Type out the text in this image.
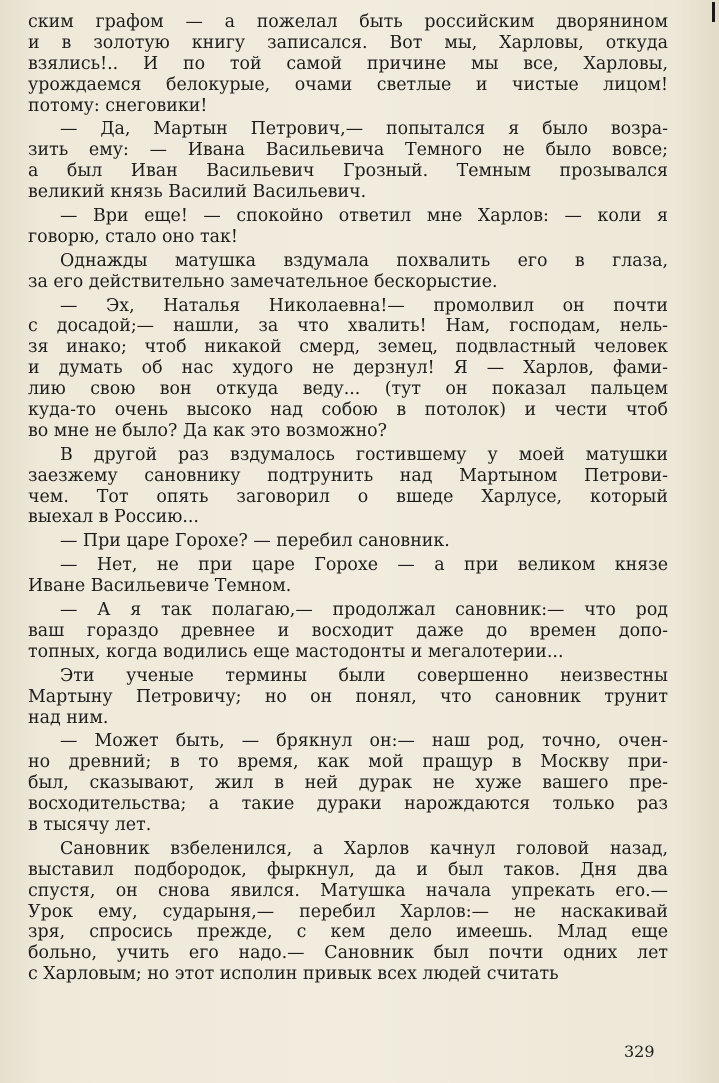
ским графом — а пожелал быть российским дворянином
и в золотую книгу записался. Вот мы, Харловы, откуда
взялись!.. И по той самой причине мы все, Харловы,
урождаемся белокурые, очами светлые и чистые лицом!
потому: снеговики!
— Да, Мартын Петрович,— попытался я было возра-
зить ему: — Ивана Васильевича Темного не было вовсе;
а был Иван Васильевич Грозный. Темным прозывался
великий князь Василий Васильевич.
— Ври еще! — спокойно ответил мне Харлов: — коли я
говорю, стало оно так!
Однажды матушка вздумала похвалить его в глаза,
за его действительно замечательное бескорыстие.
— Эх, Наталья Николаевна!— промолвил он почти
с досадой;— нашли, за что хвалить! Нам, господам, нель-
зя инако; чтоб никакой смерд, земец, подвластный человек
и думать об нас худого не дерзнул! Я — Харлов, фами-
лию свою вон откуда веду... (тут он показал пальцем
куда-то очень высоко над собою в потолок) и чести чтоб
во мне не было? Да как это возможно?
В другой раз вздумалось гостившему у моей матушки
заезжему сановнику подтрунить над Мартыном Петрови-
чем. Тот опять заговорил о вшеде Харлусе, который
выехал в Россию...
— При царе Горохе? — перебил сановник.
— Нет, не при царе Горохе — а при великом князе
Иване Васильевиче Темном.
— А я так полагаю,— продолжал сановник:— что род
ваш гораздо древнее и восходит даже до времен допо-
топных, когда водились еще мастодонты и мегалотерии...
Эти ученые термины были совершенно неизвестны
Мартыну Петровичу; но он понял, что сановник трунит
над ним.
— Может быть, — брякнул он:— наш род, точно, очен-
но древний; в то время, как мой пращур в Москву при-
был, сказывают, жил в ней дурак не хуже вашего пре-
восходительства; а такие дураки нарождаются только раз
в тысячу лет.
Сановник взбеленился, а Харлов качнул головой назад,
выставил подбородок, фыркнул, да и был таков. Дня два
спустя, он снова явился. Матушка начала упрекать его.—
Урок ему, сударыня,— перебил Харлов:— не наскакивай
зря, спросись прежде, с кем дело имеешь. Млад еще
больно, учить его надо.— Сановник был почти одних лет
с Харловым; но этот исполин привык всех людей считать
329
